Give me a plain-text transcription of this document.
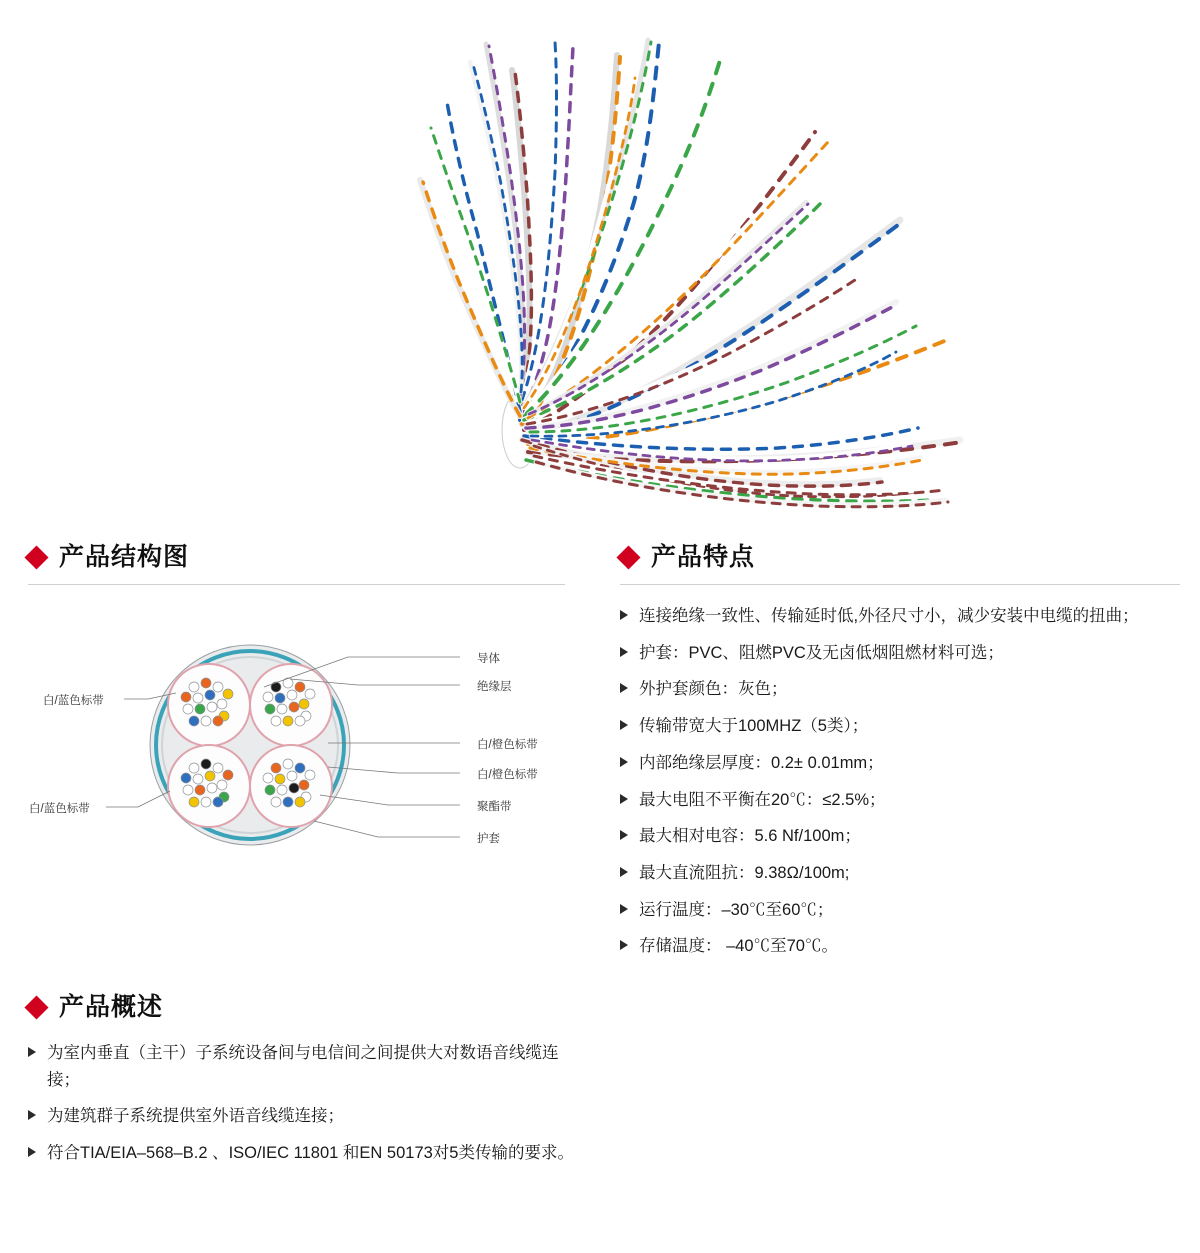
产品结构图
导体
绝缘层
白/橙色标带
白/橙色标带
聚酯带
护套
白/蓝色标带
白/蓝色标带
产品特点
连接绝缘一致性、传输延时低,外径尺寸小，减少安装中电缆的扭曲；
护套：PVC、阻燃PVC及无卤低烟阻燃材料可选；
外护套颜色：灰色；
传输带宽大于100MHZ（5类）；
内部绝缘层厚度：0.2± 0.01mm；
最大电阻不平衡在20℃：≤2.5%；
最大相对电容：5.6 Nf/100m；
最大直流阻抗：9.38Ω/100m;
运行温度：–30℃至60℃；
存储温度： –40℃至70℃。
产品概述
为室内垂直（主干）子系统设备间与电信间之间提供大对数语音线缆连接；
为建筑群子系统提供室外语音线缆连接；
符合TIA/EIA–568–B.2 、ISO/IEC 11801 和EN 50173对5类传输的要求。
